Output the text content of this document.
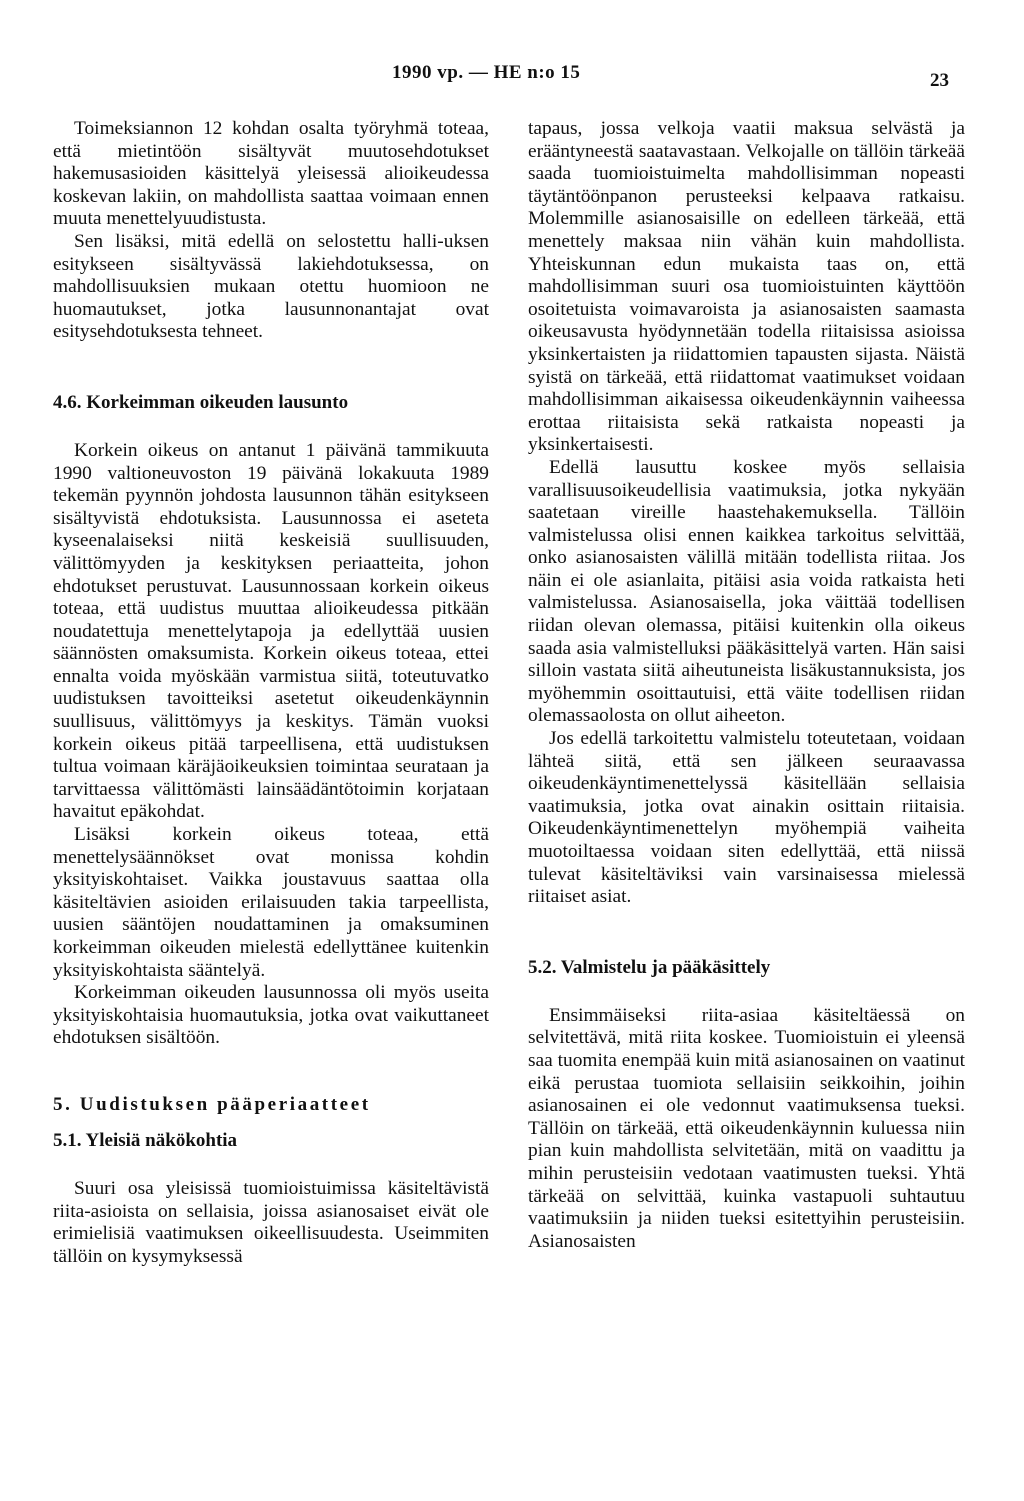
1990 vp. — HE n:o 15	23

Toimeksiannon 12 kohdan osalta työryhmä toteaa, että mietintöön sisältyvät muutosehdotukset hakemusasioiden käsittelyä yleisessä alioikeudessa koskevan lakiin, on mahdollista saattaa voimaan ennen muuta menettelyuudistusta.

Sen lisäksi, mitä edellä on selostettu halli-uksen esitykseen sisältyvässä lakiehdotuksessa, on mahdollisuuksien mukaan otettu huomioon ne huomautukset, jotka lausunnonantajat ovat esitysehdotuksesta tehneet.

4.6. Korkeimman oikeuden lausunto

Korkein oikeus on antanut 1 päivänä tammikuuta 1990 valtioneuvoston 19 päivänä lokakuuta 1989 tekemän pyynnön johdosta lausunnon tähän esitykseen sisältyvistä ehdotuksista. Lausunnossa ei aseteta kyseenalaiseksi niitä keskeisiä suullisuuden, välittömyyden ja keskityksen periaatteita, johon ehdotukset perustuvat. Lausunnossaan korkein oikeus toteaa, että uudistus muuttaa alioikeudessa pitkään noudatettuja menettelytapoja ja edellyttää uusien säännösten omaksumista. Korkein oikeus toteaa, ettei ennalta voida myöskään varmistua siitä, toteutuvatko uudistuksen tavoitteiksi asetetut oikeudenkäynnin suullisuus, välittömyys ja keskitys. Tämän vuoksi korkein oikeus pitää tarpeellisena, että uudistuksen tultua voimaan käräjäoikeuksien toimintaa seurataan ja tarvittaessa välittömästi lainsäädäntötoimin korjataan havaitut epäkohdat.

Lisäksi korkein oikeus toteaa, että menettelysäännökset ovat monissa kohdin yksityiskohtaiset. Vaikka joustavuus saattaa olla käsiteltävien asioiden erilaisuuden takia tarpeellista, uusien sääntöjen noudattaminen ja omaksuminen korkeimman oikeuden mielestä edellyttänee kuitenkin yksityiskohtaista sääntelyä.

Korkeimman oikeuden lausunnossa oli myös useita yksityiskohtaisia huomautuksia, jotka ovat vaikuttaneet ehdotuksen sisältöön.

5. Uudistuksen pääperiaatteet
5.1. Yleisiä näkökohtia

Suuri osa yleisissä tuomioistuimissa käsiteltävistä riita-asioista on sellaisia, joissa asianosaiset eivät ole erimielisiä vaatimuksen oikeellisuudesta. Useimmiten tällöin on kysymyksessä

tapaus, jossa velkoja vaatii maksua selvästä ja erääntyneestä saatavastaan. Velkojalle on tällöin tärkeää saada tuomioistuimelta mahdollisimman nopeasti täytäntöönpanon perusteeksi kelpaava ratkaisu. Molemmille asianosaisille on edelleen tärkeää, että menettely maksaa niin vähän kuin mahdollista. Yhteiskunnan edun mukaista taas on, että mahdollisimman suuri osa tuomioistuinten käyttöön osoitetuista voimavaroista ja asianosaisten saamasta oikeusavusta hyödynnetään todella riitaisissa asioissa yksinkertaisten ja riidattomien tapausten sijasta. Näistä syistä on tärkeää, että riidattomat vaatimukset voidaan mahdollisimman aikaisessa oikeudenkäynnin vaiheessa erottaa riitaisista sekä ratkaista nopeasti ja yksinkertaisesti.

Edellä lausuttu koskee myös sellaisia varallisuusoikeudellisia vaatimuksia, jotka nykyään saatetaan vireille haastehakemuksella. Tällöin valmistelussa olisi ennen kaikkea tarkoitus selvittää, onko asianosaisten välillä mitään todellista riitaa. Jos näin ei ole asianlaita, pitäisi asia voida ratkaista heti valmistelussa. Asianosaisella, joka väittää todellisen riidan olevan olemassa, pitäisi kuitenkin olla oikeus saada asia valmistelluksi pääkäsittelyä varten. Hän saisi silloin vastata siitä aiheutuneista lisäkustannuksista, jos myöhemmin osoittautuisi, että väite todellisen riidan olemassaolosta on ollut aiheeton.

Jos edellä tarkoitettu valmistelu toteutetaan, voidaan lähteä siitä, että sen jälkeen seuraavassa oikeudenkäyntimenettelyssä käsitellään sellaisia vaatimuksia, jotka ovat ainakin osittain riitaisia. Oikeudenkäyntimenettelyn myöhempiä vaiheita muotoiltaessa voidaan siten edellyttää, että niissä tulevat käsiteltäviksi vain varsinaisessa mielessä riitaiset asiat.

5.2. Valmistelu ja pääkäsittely

Ensimmäiseksi riita-asiaa käsiteltäessä on selvitettävä, mitä riita koskee. Tuomioistuin ei yleensä saa tuomita enempää kuin mitä asianosainen on vaatinut eikä perustaa tuomiota sellaisiin seikkoihin, joihin asianosainen ei ole vedonnut vaatimuksensa tueksi. Tällöin on tärkeää, että oikeudenkäynnin kuluessa niin pian kuin mahdollista selvitetään, mitä on vaadittu ja mihin perusteisiin vedotaan vaatimusten tueksi. Yhtä tärkeää on selvittää, kuinka vastapuoli suhtautuu vaatimuksiin ja niiden tueksi esitettyihin perusteisiin. Asianosaisten
